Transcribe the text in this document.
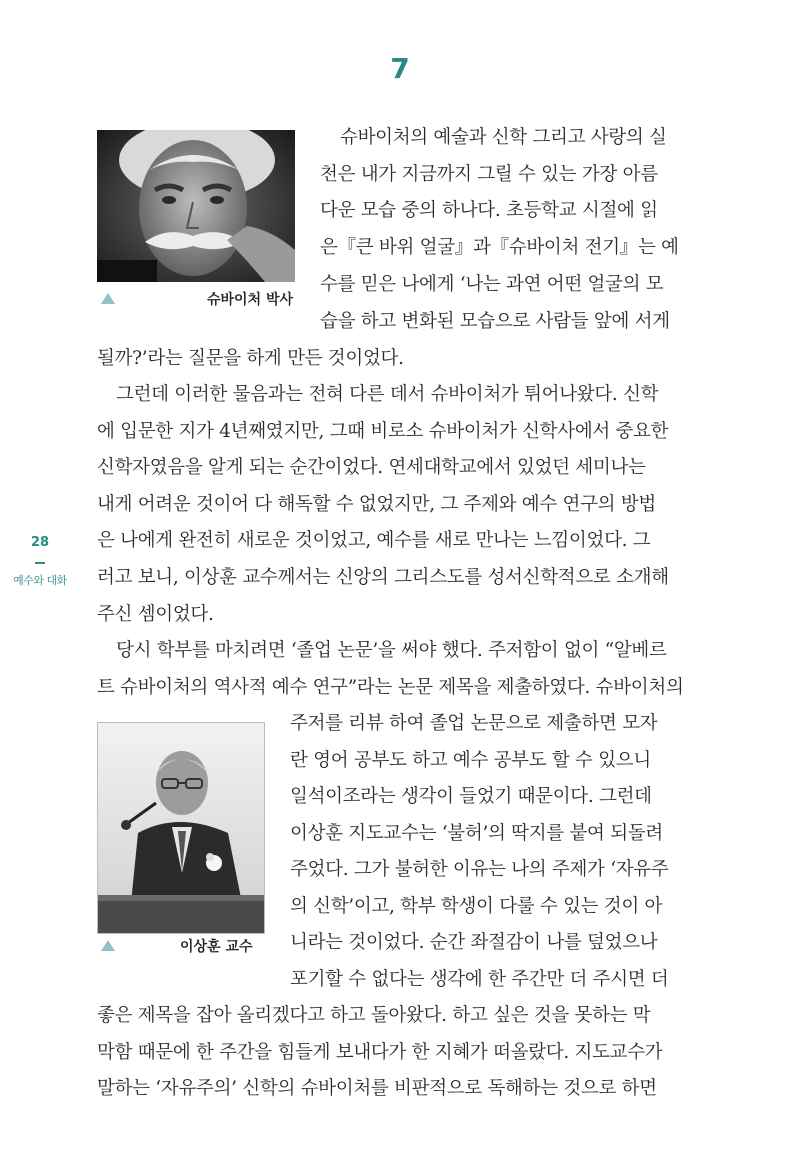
7
슈바이처 박사
이상훈 교수
28
예수와 대화

슈바이처의 예술과 신학 그리고 사랑의 실

천은 내가 지금까지 그릴 수 있는 가장 아름

다운 모습 중의 하나다. 초등학교 시절에 읽

은『큰 바위 얼굴』과『슈바이처 전기』는 예

수를 믿은 나에게 ‘나는 과연 어떤 얼굴의 모

습을 하고 변화된 모습으로 사람들 앞에 서게

될까?’라는 질문을 하게 만든 것이었다.

그런데 이러한 물음과는 전혀 다른 데서 슈바이처가 튀어나왔다. 신학

에 입문한 지가 4년째였지만, 그때 비로소 슈바이처가 신학사에서 중요한

신학자였음을 알게 되는 순간이었다. 연세대학교에서 있었던 세미나는

내게 어려운 것이어 다 해독할 수 없었지만, 그 주제와 예수 연구의 방법

은 나에게 완전히 새로운 것이었고, 예수를 새로 만나는 느낌이었다. 그

러고 보니, 이상훈 교수께서는 신앙의 그리스도를 성서신학적으로 소개해

주신 셈이었다.

당시 학부를 마치려면 ‘졸업 논문’을 써야 했다. 주저함이 없이 “알베르

트 슈바이처의 역사적 예수 연구”라는 논문 제목을 제출하였다. 슈바이처의

주저를 리뷰 하여 졸업 논문으로 제출하면 모자

란 영어 공부도 하고 예수 공부도 할 수 있으니

일석이조라는 생각이 들었기 때문이다. 그런데

이상훈 지도교수는 ‘불허’의 딱지를 붙여 되돌려

주었다. 그가 불허한 이유는 나의 주제가 ‘자유주

의 신학’이고, 학부 학생이 다룰 수 있는 것이 아

니라는 것이었다. 순간 좌절감이 나를 덮었으나

포기할 수 없다는 생각에 한 주간만 더 주시면 더

좋은 제목을 잡아 올리겠다고 하고 돌아왔다. 하고 싶은 것을 못하는 막

막함 때문에 한 주간을 힘들게 보내다가 한 지혜가 떠올랐다. 지도교수가

말하는 ‘자유주의’ 신학의 슈바이처를 비판적으로 독해하는 것으로 하면
